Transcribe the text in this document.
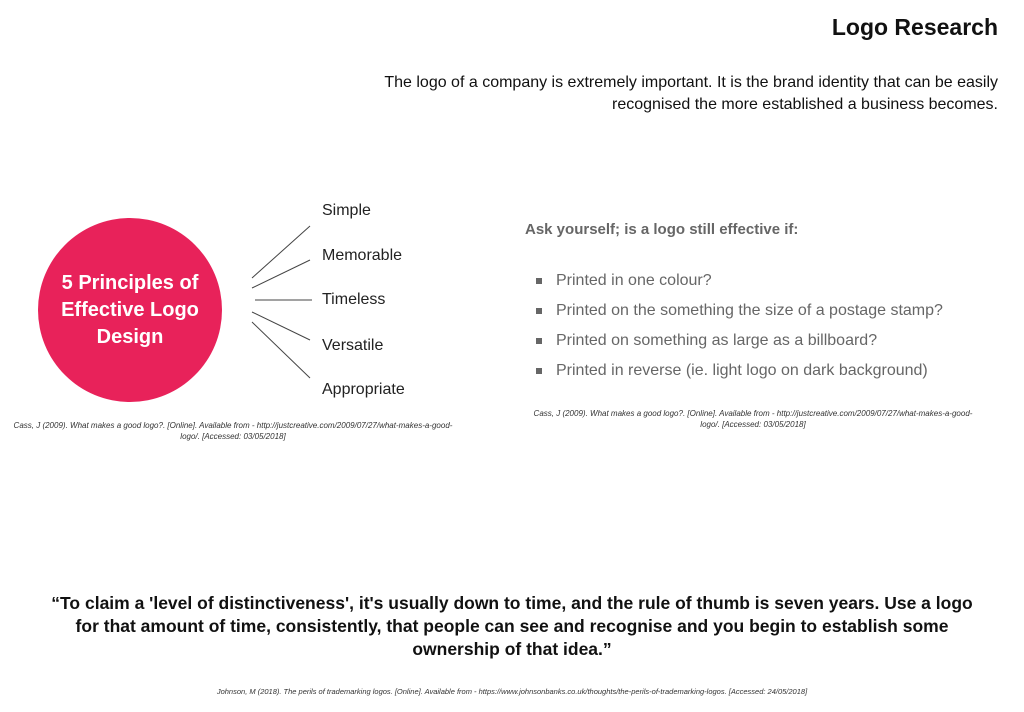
Logo Research
The logo of a company is extremely important. It is the brand identity that can be easily recognised the more established a business becomes.
5 Principles of Effective Logo Design
Simple
Memorable
Timeless
Versatile
Appropriate
Cass, J (2009). What makes a good logo?. [Online]. Available from - http://justcreative.com/2009/07/27/what-makes-a-good-logo/. [Accessed: 03/05/2018]
Ask yourself; is a logo still effective if:
Printed in one colour?
Printed on the something the size of a postage stamp?
Printed on something as large as a billboard?
Printed in reverse (ie. light logo on dark background)
Cass, J (2009). What makes a good logo?. [Online]. Available from - http://justcreative.com/2009/07/27/what-makes-a-good-logo/. [Accessed: 03/05/2018]
“To claim a 'level of distinctiveness', it's usually down to time, and the rule of thumb is seven years. Use a logo for that amount of time, consistently, that people can see and recognise and you begin to establish some ownership of that idea.”
Johnson, M (2018). The perils of trademarking logos. [Online]. Available from - https://www.johnsonbanks.co.uk/thoughts/the-perils-of-trademarking-logos. [Accessed: 24/05/2018]
